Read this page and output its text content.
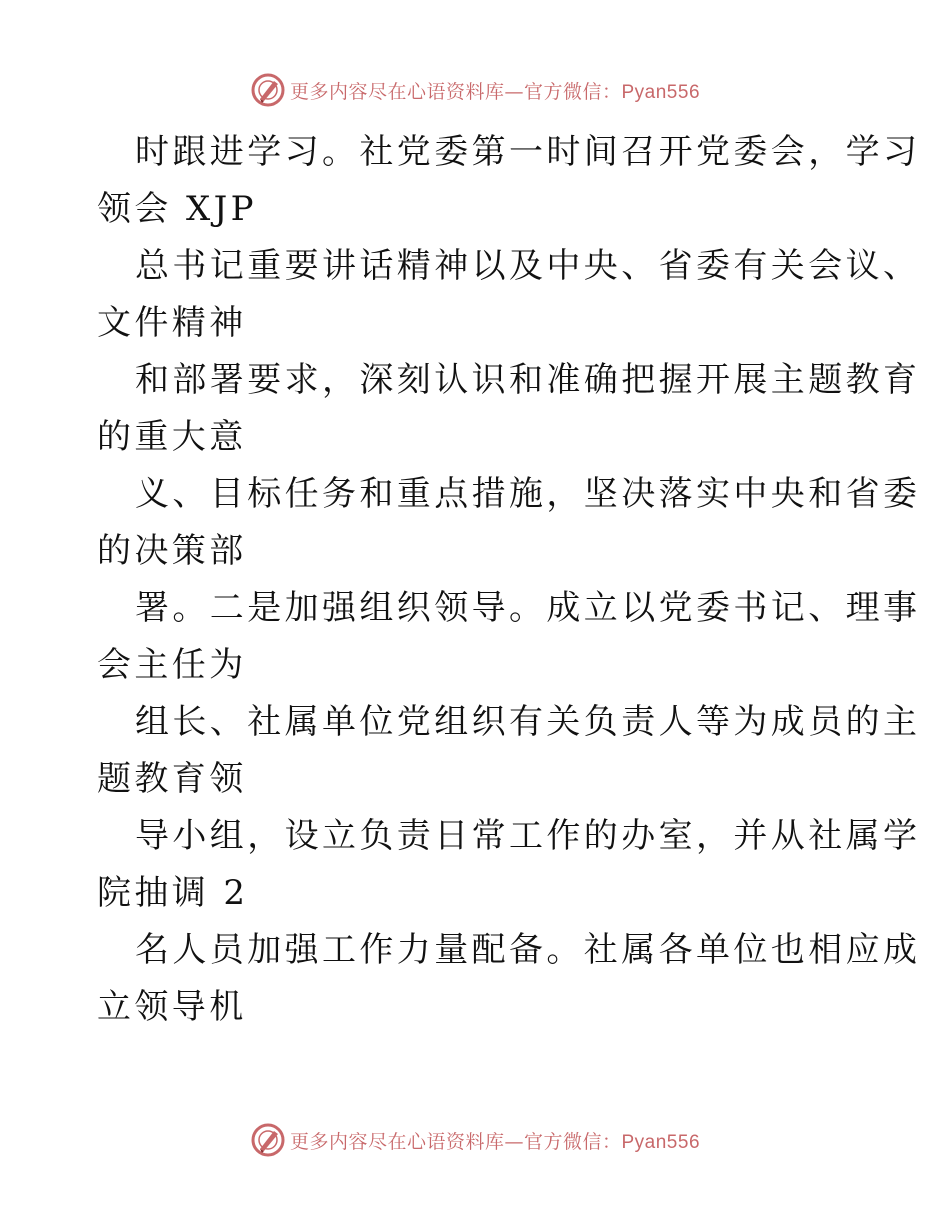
更多内容尽在心语资料库—官方微信：Pyan556

时跟进学习。社党委第一时间召开党委会，学习

领会 XJP

总书记重要讲话精神以及中央、省委有关会议、

文件精神

和部署要求，深刻认识和准确把握开展主题教育

的重大意

义、目标任务和重点措施，坚决落实中央和省委

的决策部

署。二是加强组织领导。成立以党委书记、理事

会主任为

组长、社属单位党组织有关负责人等为成员的主

题教育领

导小组，设立负责日常工作的办室，并从社属学

院抽调 2

名人员加强工作力量配备。社属各单位也相应成

立领导机

更多内容尽在心语资料库—官方微信：Pyan556
